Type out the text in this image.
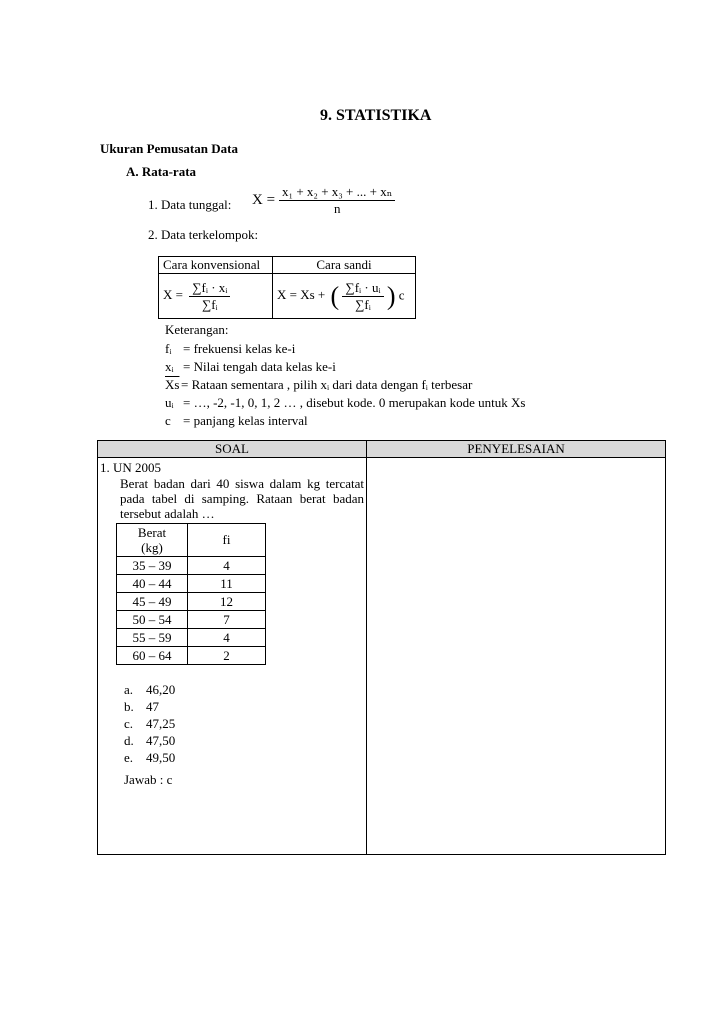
9. STATISTIKA
Ukuran Pemusatan Data
A. Rata-rata
1. Data tunggal: $X = \frac{\text{x₁ + x₂ + x₃ + ... + xₙ}}{n}$
2. Data terkelompok:
Cara konvensional	Cara sandi
$X = \frac{\text{∑fᵢ · xᵢ}}{\text{∑fᵢ}}$	X = Xs + ( $\frac{\text{∑fᵢ · uᵢ}}{\text{∑fᵢ}}$ ) c
Keterangan:
fᵢ = frekuensi kelas ke-i
xᵢ = Nilai tengah data kelas ke-i
$\overline{Xs}$ = Rataan sementara , pilih xᵢ dari data dengan fᵢ terbesar
uᵢ = …, -2, -1, 0, 1, 2 … , disebut kode. 0 merupakan kode untuk Xs
c = panjang kelas interval
SOAL	PENYELESAIAN

1. UN 2005
Berat badan dari 40 siswa dalam kg tercatat
pada tabel di samping. Rataan berat badan
tersebut adalah …
Berat
(kg)
	fi
35 – 39	4
40 – 44	11
45 – 49	12
50 – 54	7
55 – 59	4
60 – 64	2
a. 46,20
b. 47
c. 47,25
d. 47,50
e. 49,50
Jawab : c
